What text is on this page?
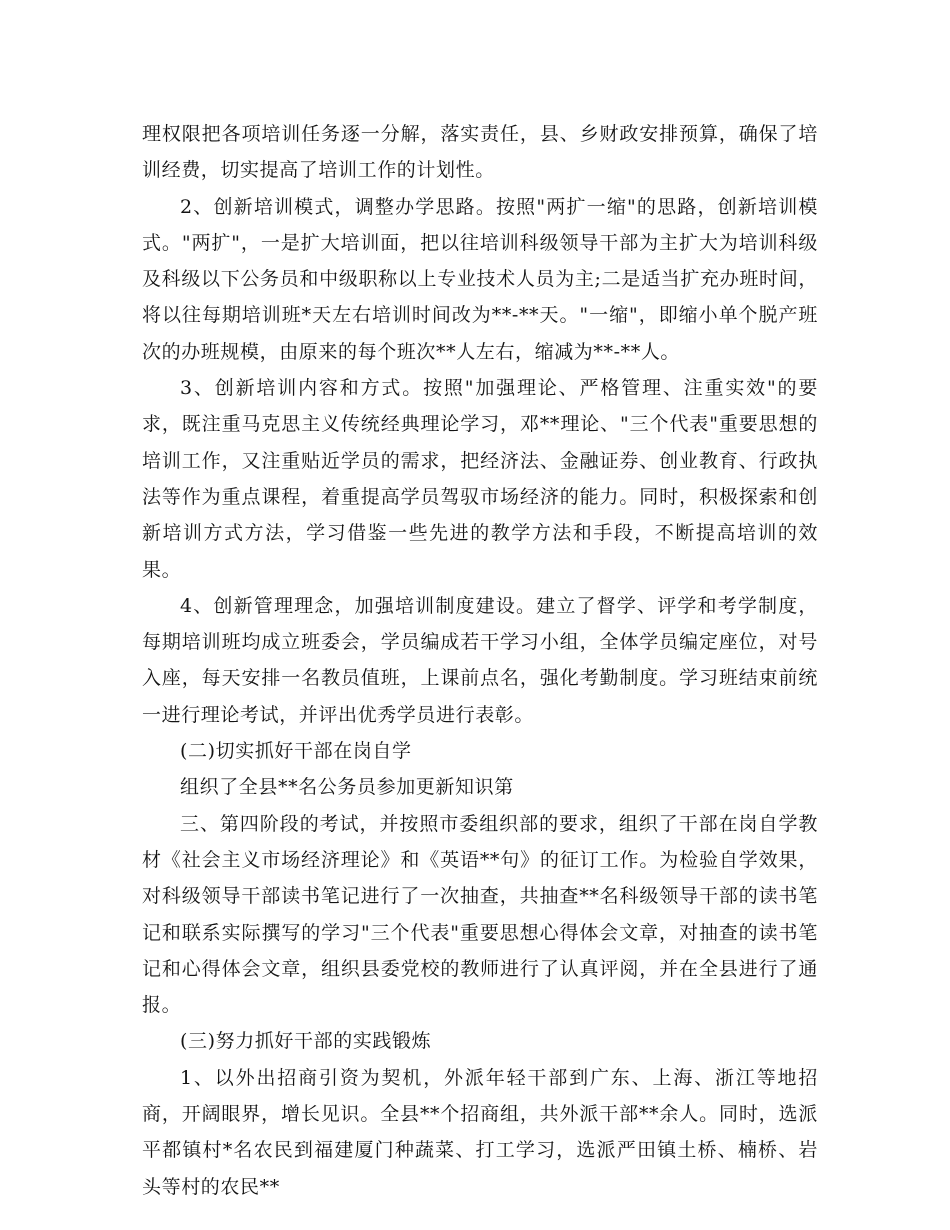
理权限把各项培训任务逐一分解，落实责任，县、乡财政安排预算，确保了培训经费，切实提高了培训工作的计划性。

2、创新培训模式，调整办学思路。按照"两扩一缩"的思路，创新培训模式。"两扩"，一是扩大培训面，把以往培训科级领导干部为主扩大为培训科级及科级以下公务员和中级职称以上专业技术人员为主;二是适当扩充办班时间，将以往每期培训班*天左右培训时间改为**-**天。"一缩"，即缩小单个脱产班次的办班规模，由原来的每个班次**人左右，缩减为**-**人。

3、创新培训内容和方式。按照"加强理论、严格管理、注重实效"的要求，既注重马克思主义传统经典理论学习，邓**理论、"三个代表"重要思想的培训工作，又注重贴近学员的需求，把经济法、金融证券、创业教育、行政执法等作为重点课程，着重提高学员驾驭市场经济的能力。同时，积极探索和创新培训方式方法，学习借鉴一些先进的教学方法和手段，不断提高培训的效果。

4、创新管理理念，加强培训制度建设。建立了督学、评学和考学制度，每期培训班均成立班委会，学员编成若干学习小组，全体学员编定座位，对号入座，每天安排一名教员值班，上课前点名，强化考勤制度。学习班结束前统一进行理论考试，并评出优秀学员进行表彰。

(二)切实抓好干部在岗自学

组织了全县**名公务员参加更新知识第

三、第四阶段的考试，并按照市委组织部的要求，组织了干部在岗自学教材《社会主义市场经济理论》和《英语**句》的征订工作。为检验自学效果，对科级领导干部读书笔记进行了一次抽查，共抽查**名科级领导干部的读书笔记和联系实际撰写的学习"三个代表"重要思想心得体会文章，对抽查的读书笔记和心得体会文章，组织县委党校的教师进行了认真评阅，并在全县进行了通报。

(三)努力抓好干部的实践锻炼

1、以外出招商引资为契机，外派年轻干部到广东、上海、浙江等地招商，开阔眼界，增长见识。全县**个招商组，共外派干部**余人。同时，选派平都镇村*名农民到福建厦门种蔬菜、打工学习，选派严田镇土桥、楠桥、岩头等村的农民**
